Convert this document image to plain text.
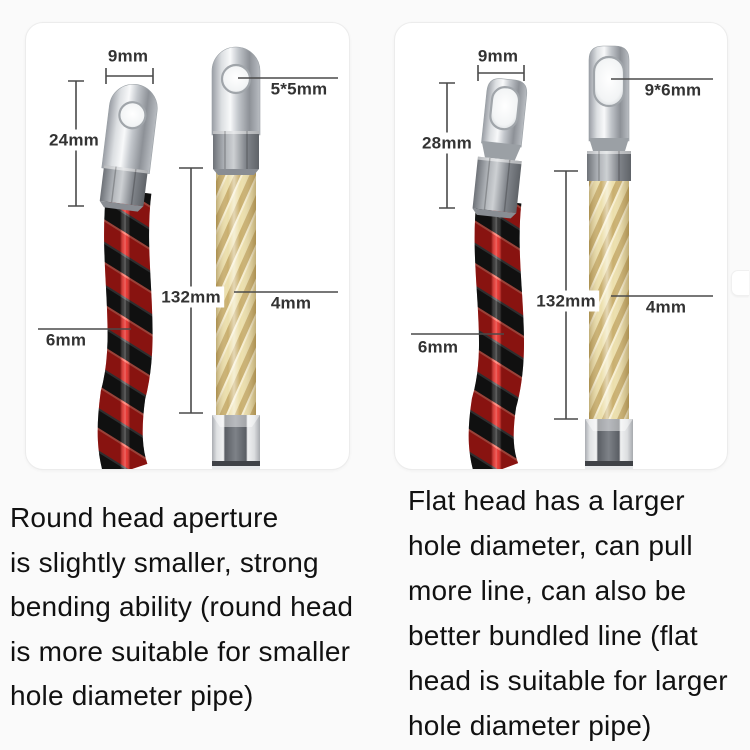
9mm
24mm
132mm
5*5mm
4mm
6mm
9mm
28mm
132mm
9*6mm
4mm
6mm
Round head aperture
is slightly smaller, strong
bending ability (round head
is more suitable for smaller
hole diameter pipe)
Flat head has a larger
hole diameter, can pull
more line, can also be
better bundled line (flat
head is suitable for larger
hole diameter pipe)
